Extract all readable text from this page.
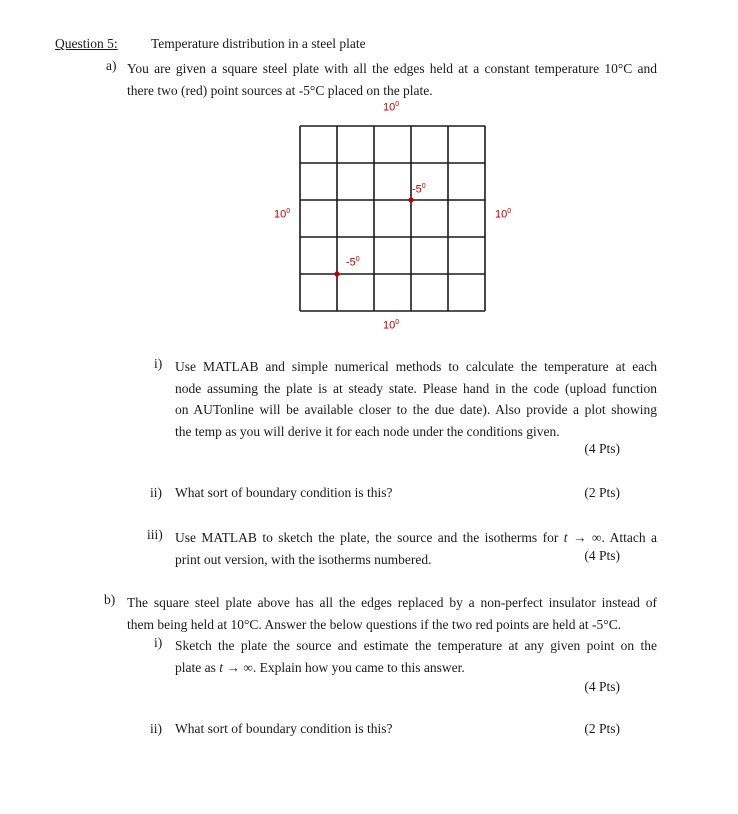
Question 5: Temperature distribution in a steel plate
a) You are given a square steel plate with all the edges held at a constant temperature 10°C and
there two (red) point sources at -5°C placed on the plate.
$10^0$
$10^0$	$10^0$
$10^0$
$-5^0$
$-5^0$
i) Use MATLAB and simple numerical methods to calculate the temperature at each
node assuming the plate is at steady state. Please hand in the code (upload function
on AUTonline will be available closer to the due date). Also provide a plot showing
the temp as you will derive it for each node under the conditions given.
(4 Pts)
ii) What sort of boundary condition is this?	(2 Pts)
iii) Use MATLAB to sketch the plate, the source and the isotherms for t → ∞. Attach a
print out version, with the isotherms numbered.	(4 Pts)
b) The square steel plate above has all the edges replaced by a non-perfect insulator instead of
them being held at 10°C. Answer the below questions if the two red points are held at -5°C.
i) Sketch the plate the source and estimate the temperature at any given point on the
plate as t → ∞. Explain how you came to this answer.
(4 Pts)
ii) What sort of boundary condition is this?	(2 Pts)
